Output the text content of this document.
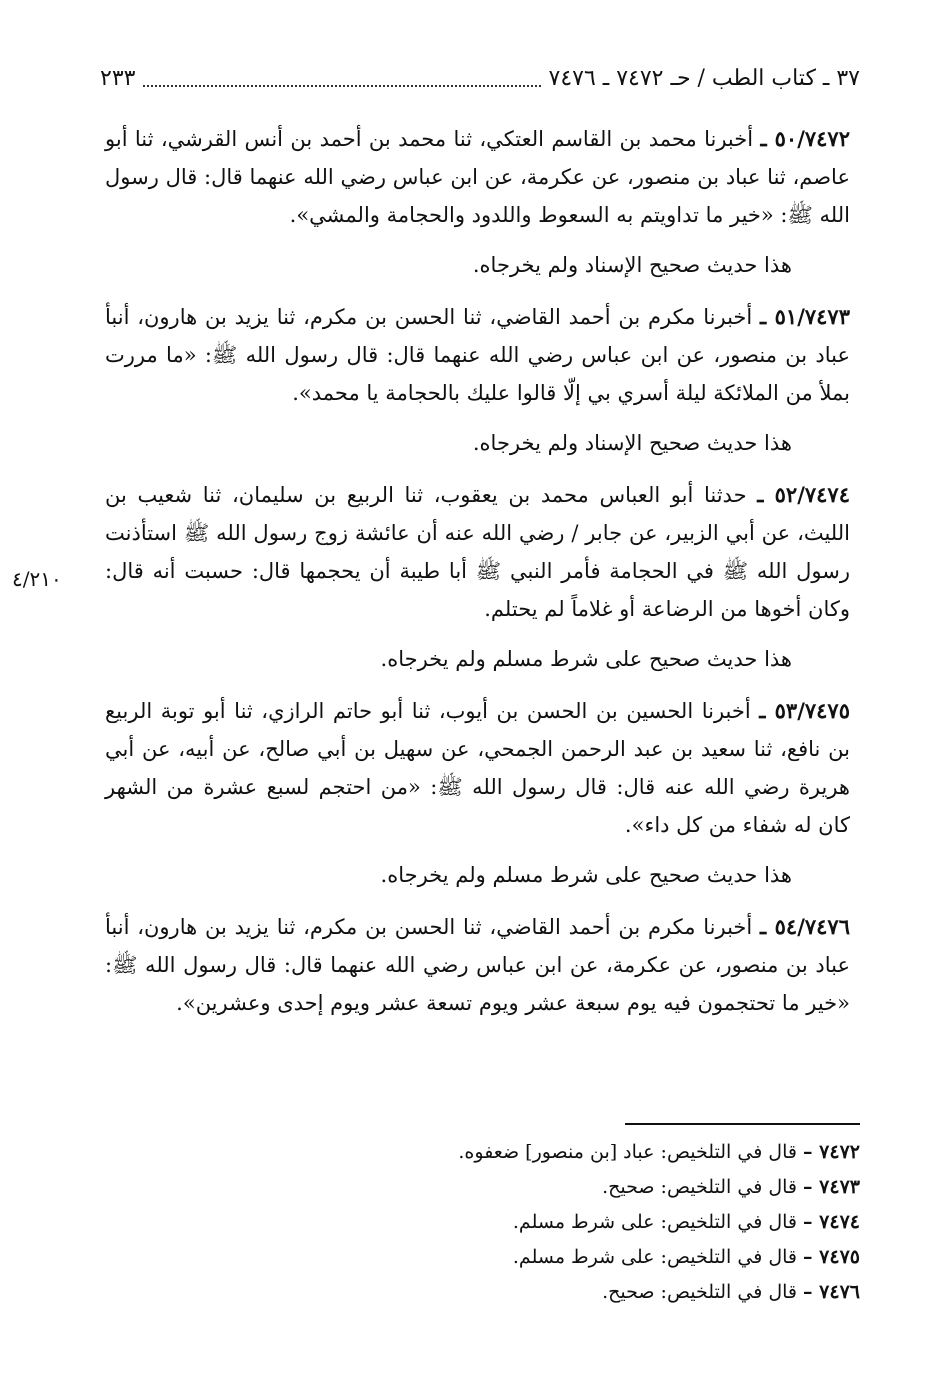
٣٧ ـ كتاب الطب / حـ ٧٤٧٢ ـ ٧٤٧٦
٢٣٣
٤/٢١٠

٥٠/٧٤٧٢ ـ أخبرنا محمد بن القاسم العتكي، ثنا محمد بن أحمد بن أنس القرشي، ثنا أبو عاصم، ثنا عباد بن منصور، عن عكرمة، عن ابن عباس رضي الله عنهما قال: قال رسول الله ﷺ: «خير ما تداويتم به السعوط واللدود والحجامة والمشي».

هذا حديث صحيح الإسناد ولم يخرجاه.

٥١/٧٤٧٣ ـ أخبرنا مكرم بن أحمد القاضي، ثنا الحسن بن مكرم، ثنا يزيد بن هارون، أنبأ عباد بن منصور، عن ابن عباس رضي الله عنهما قال: قال رسول الله ﷺ: «ما مررت بملأ من الملائكة ليلة أسري بي إلّا قالوا عليك بالحجامة يا محمد».

هذا حديث صحيح الإسناد ولم يخرجاه.

٥٢/٧٤٧٤ ـ حدثنا أبو العباس محمد بن يعقوب، ثنا الربيع بن سليمان، ثنا شعيب بن الليث، عن أبي الزبير، عن جابر / رضي الله عنه أن عائشة زوج رسول الله ﷺ استأذنت رسول الله ﷺ في الحجامة فأمر النبي ﷺ أبا طيبة أن يحجمها قال: حسبت أنه قال: وكان أخوها من الرضاعة أو غلاماً لم يحتلم.

هذا حديث صحيح على شرط مسلم ولم يخرجاه.

٥٣/٧٤٧٥ ـ أخبرنا الحسين بن الحسن بن أيوب، ثنا أبو حاتم الرازي، ثنا أبو توبة الربيع بن نافع، ثنا سعيد بن عبد الرحمن الجمحي، عن سهيل بن أبي صالح، عن أبيه، عن أبي هريرة رضي الله عنه قال: قال رسول الله ﷺ: «من احتجم لسبع عشرة من الشهر كان له شفاء من كل داء».

هذا حديث صحيح على شرط مسلم ولم يخرجاه.

٥٤/٧٤٧٦ ـ أخبرنا مكرم بن أحمد القاضي، ثنا الحسن بن مكرم، ثنا يزيد بن هارون، أنبأ عباد بن منصور، عن عكرمة، عن ابن عباس رضي الله عنهما قال: قال رسول الله ﷺ: «خير ما تحتجمون فيه يوم سبعة عشر ويوم تسعة عشر ويوم إحدى وعشرين».

٧٤٧٢ – قال في التلخيص: عباد [بن منصور] ضعفوه.
٧٤٧٣ – قال في التلخيص: صحيح.
٧٤٧٤ – قال في التلخيص: على شرط مسلم.
٧٤٧٥ – قال في التلخيص: على شرط مسلم.
٧٤٧٦ – قال في التلخيص: صحيح.
